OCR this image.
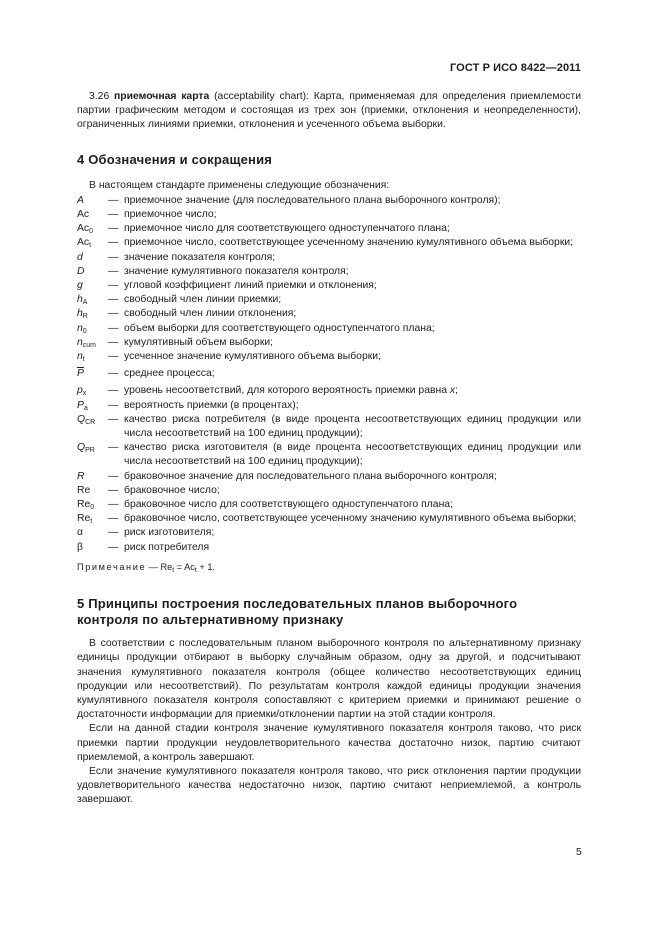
ГОСТ Р ИСО 8422—2011

3.26 приемочная карта (acceptability chart): Карта, применяемая для определения приемлемости партии графическим методом и состоящая из трех зон (приемки, отклонения и неопределенности), ограниченных линиями приемки, отклонения и усеченного объема выборки.

4 Обозначения и сокращения

В настоящем стандарте применены следующие обозначения:

A	— приемочное значение (для последовательного плана выборочного контроля);
Ac	— приемочное число;
$Ac_0$	— приемочное число для соответствующего одноступенчатого плана;
$Ac_t$	— приемочное число, соответствующее усеченному значению кумулятивного объема выборки;
d	— значение показателя контроля;
D	— значение кумулятивного показателя контроля;
g	— угловой коэффициент линий приемки и отклонения;
$h_A$	— свободный член линии приемки;
$h_R$	— свободный член линии отклонения;
$n_0$	— объем выборки для соответствующего одноступенчатого плана;
$n_{cum}$	— кумулятивный объем выборки;
$n_t$	— усеченное значение кумулятивного объема выборки;
$\overline{P}$	— среднее процесса;
$p_x$	— уровень несоответствий, для которого вероятность приемки равна x;
$P_a$	— вероятность приемки (в процентах);
$Q_{CR}$	— качество риска потребителя (в виде процента несоответствующих единиц продукции или числа несоответствий на 100 единиц продукции);
$Q_{PR}$	— качество риска изготовителя (в виде процента несоответствующих единиц продукции или числа несоответствий на 100 единиц продукции);
R	— браковочное значение для последовательного плана выборочного контроля;
Re	— браковочное число;
$Re_0$	— браковочное число для соответствующего одноступенчатого плана;
$Re_t$	— браковочное число, соответствующее усеченному значению кумулятивного объема выборки;
α	— риск изготовителя;
β	— риск потребителя

Примечание — $Re_t = Ac_t + 1$.

5 Принципы построения последовательных планов выборочного
контроля по альтернативному признаку

В соответствии с последовательным планом выборочного контроля по альтернативному признаку единицы продукции отбирают в выборку случайным образом, одну за другой, и подсчитывают значения кумулятивного показателя контроля (общее количество несоответствующих единиц продукции или несоответствий). По результатам контроля каждой единицы продукции значения кумулятивного показателя контроля сопоставляют с критерием приемки и принимают решение о достаточности информации для приемки/отклонении партии на этой стадии контроля.

Если на данной стадии контроля значение кумулятивного показателя контроля таково, что риск приемки партии продукции неудовлетворительного качества достаточно низок, партию считают приемлемой, а контроль завершают.

Если значение кумулятивного показателя контроля таково, что риск отклонения партии продукции удовлетворительного качества недостаточно низок, партию считают неприемлемой, а контроль завершают.

5
